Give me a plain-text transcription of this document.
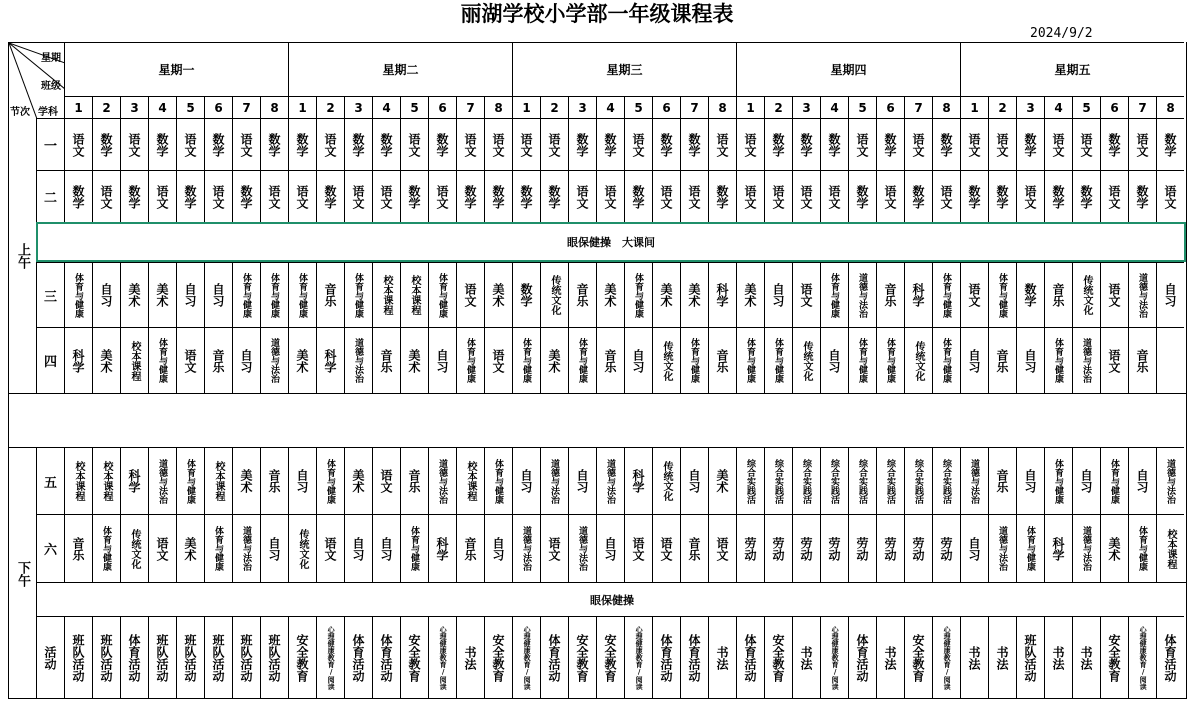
丽湖学校小学部一年级课程表
2024/9/2
星期
班级
节次 学科
上午
下午
星期一	星期二	星期三	星期四	星期五
1	2	3	4	5	6	7	8	1	2	3	4	5	6	7	8	1	2	3	4	5	6	7	8	1	2	3	4	5	6	7	8	1	2	3	4	5	6	7	8
一	语文	数学	语文	数学	语文	数学	语文	数学	数学	语文	数学	数学	语文	数学	语文	语文	语文	语文	数学	数学	语文	数学	数学	语文	语文	数学	数学	数学	语文	数学	语文	数学	语文	语文	数学	语文	语文	数学	语文	数学
二	数学	语文	数学	语文	数学	语文	数学	语文	语文	数学	语文	语文	数学	语文	数学	数学	数学	数学	语文	语文	数学	语文	语文	数学	语文	语文	语文	语文	数学	语文	数学	语文	数学	数学	语文	数学	数学	语文	数学	语文
三	体育与健康	自习	美术	美术	自习	自习	体育与健康	体育与健康	体育与健康	音乐	体育与健康	校本课程	校本课程	体育与健康	语文	美术	数学	传统文化	音乐	美术	体育与健康	美术	美术	科学	美术	自习	语文	体育与健康	道德与法治	音乐	科学	体育与健康	语文	体育与健康	数学	音乐	传统文化	语文	道德与法治	自习
四	科学	美术	校本课程	体育与健康	语文	音乐	自习	道德与法治	美术	科学	道德与法治	音乐	美术	自习	体育与健康	语文	体育与健康	美术	体育与健康	音乐	自习	传统文化	体育与健康	音乐	体育与健康	体育与健康	传统文化	自习	体育与健康	体育与健康	传统文化	体育与健康	自习	音乐	自习	体育与健康	道德与法治	语文	音乐
五	校本课程	校本课程	科学	道德与法治	体育与健康	校本课程	美术	音乐	自习	体育与健康	美术	语文	音乐	道德与法治	校本课程	体育与健康	自习	道德与法治	自习	道德与法治	科学	传统文化	自习	美术	综合实践活	综合实践活	综合实践活	综合实践活	综合实践活	综合实践活	综合实践活	综合实践活	道德与法治	音乐	自习	体育与健康	自习	体育与健康	自习	道德与法治
六	音乐	体育与健康	传统文化	语文	美术	体育与健康	道德与法治	自习	传统文化	语文	自习	自习	体育与健康	科学	音乐	自习	道德与法治	语文	道德与法治	自习	语文	语文	音乐	语文	劳动	劳动	劳动	劳动	劳动	劳动	劳动	劳动	自习	道德与法治	体育与健康	科学	道德与法治	美术	体育与健康	校本课程
活动	班队活动	班队活动	体育活动	班队活动	班队活动	班队活动	班队活动	班队活动	安全教育	心理健康教育/阅读	体育活动	体育活动	安全教育	心理健康教育/阅读	书法	安全教育	心理健康教育/阅读	体育活动	安全教育	安全教育	心理健康教育/阅读	体育活动	体育活动	书法	体育活动	安全教育	书法	心理健康教育/阅读	体育活动	书法	安全教育	心理健康教育/阅读	书法	书法	班队活动	书法	书法	安全教育	心理健康教育/阅读	体育活动
眼保健操　大课间
眼保健操
